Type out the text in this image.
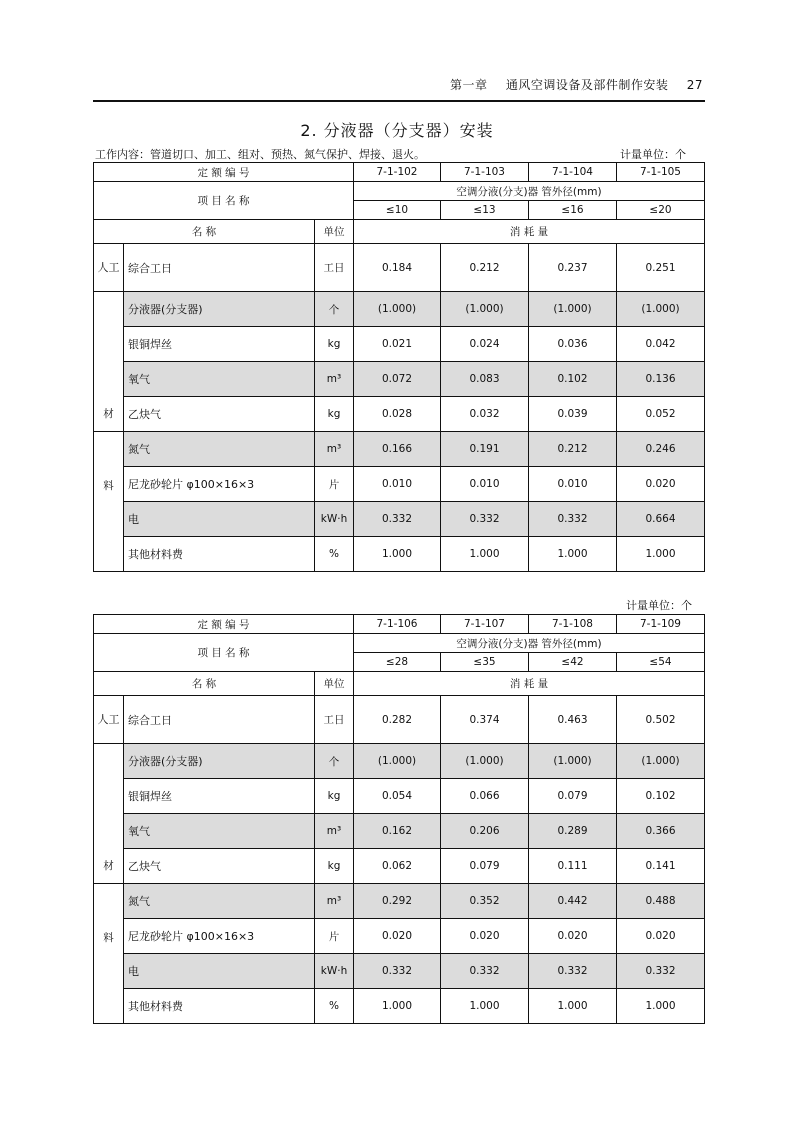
第一章 通风空调设备及部件制作安装 27
2. 分液器（分支器）安装
工作内容：管道切口、加工、组对、预热、氮气保护、焊接、退火。	计量单位：个
定 额 编 号			7-1-102	7-1-103	7-1-104	7-1-105
项 目 名 称			空调分液(分支)器 管外径(mm)			
			≤10	≤13	≤16	≤20
名 称		单位	消 耗 量			
人工	综合工日	工日	0.184	0.212	0.237	0.251
材	分液器(分支器)	个	(1.000)	(1.000)	(1.000)	(1.000)
	银铜焊丝	kg	0.021	0.024	0.036	0.042
	氧气	m³	0.072	0.083	0.102	0.136
	乙炔气	kg	0.028	0.032	0.039	0.052
料	氮气	m³	0.166	0.191	0.212	0.246
	尼龙砂轮片 φ100×16×3	片	0.010	0.010	0.010	0.020
	电	kW·h	0.332	0.332	0.332	0.664
	其他材料费	%	1.000	1.000	1.000	1.000
计量单位：个
定 额 编 号			7-1-106	7-1-107	7-1-108	7-1-109
项 目 名 称			空调分液(分支)器 管外径(mm)			
			≤28	≤35	≤42	≤54
名 称		单位	消 耗 量			
人工	综合工日	工日	0.282	0.374	0.463	0.502
材	分液器(分支器)	个	(1.000)	(1.000)	(1.000)	(1.000)
	银铜焊丝	kg	0.054	0.066	0.079	0.102
	氧气	m³	0.162	0.206	0.289	0.366
	乙炔气	kg	0.062	0.079	0.111	0.141
料	氮气	m³	0.292	0.352	0.442	0.488
	尼龙砂轮片 φ100×16×3	片	0.020	0.020	0.020	0.020
	电	kW·h	0.332	0.332	0.332	0.332
	其他材料费	%	1.000	1.000	1.000	1.000
